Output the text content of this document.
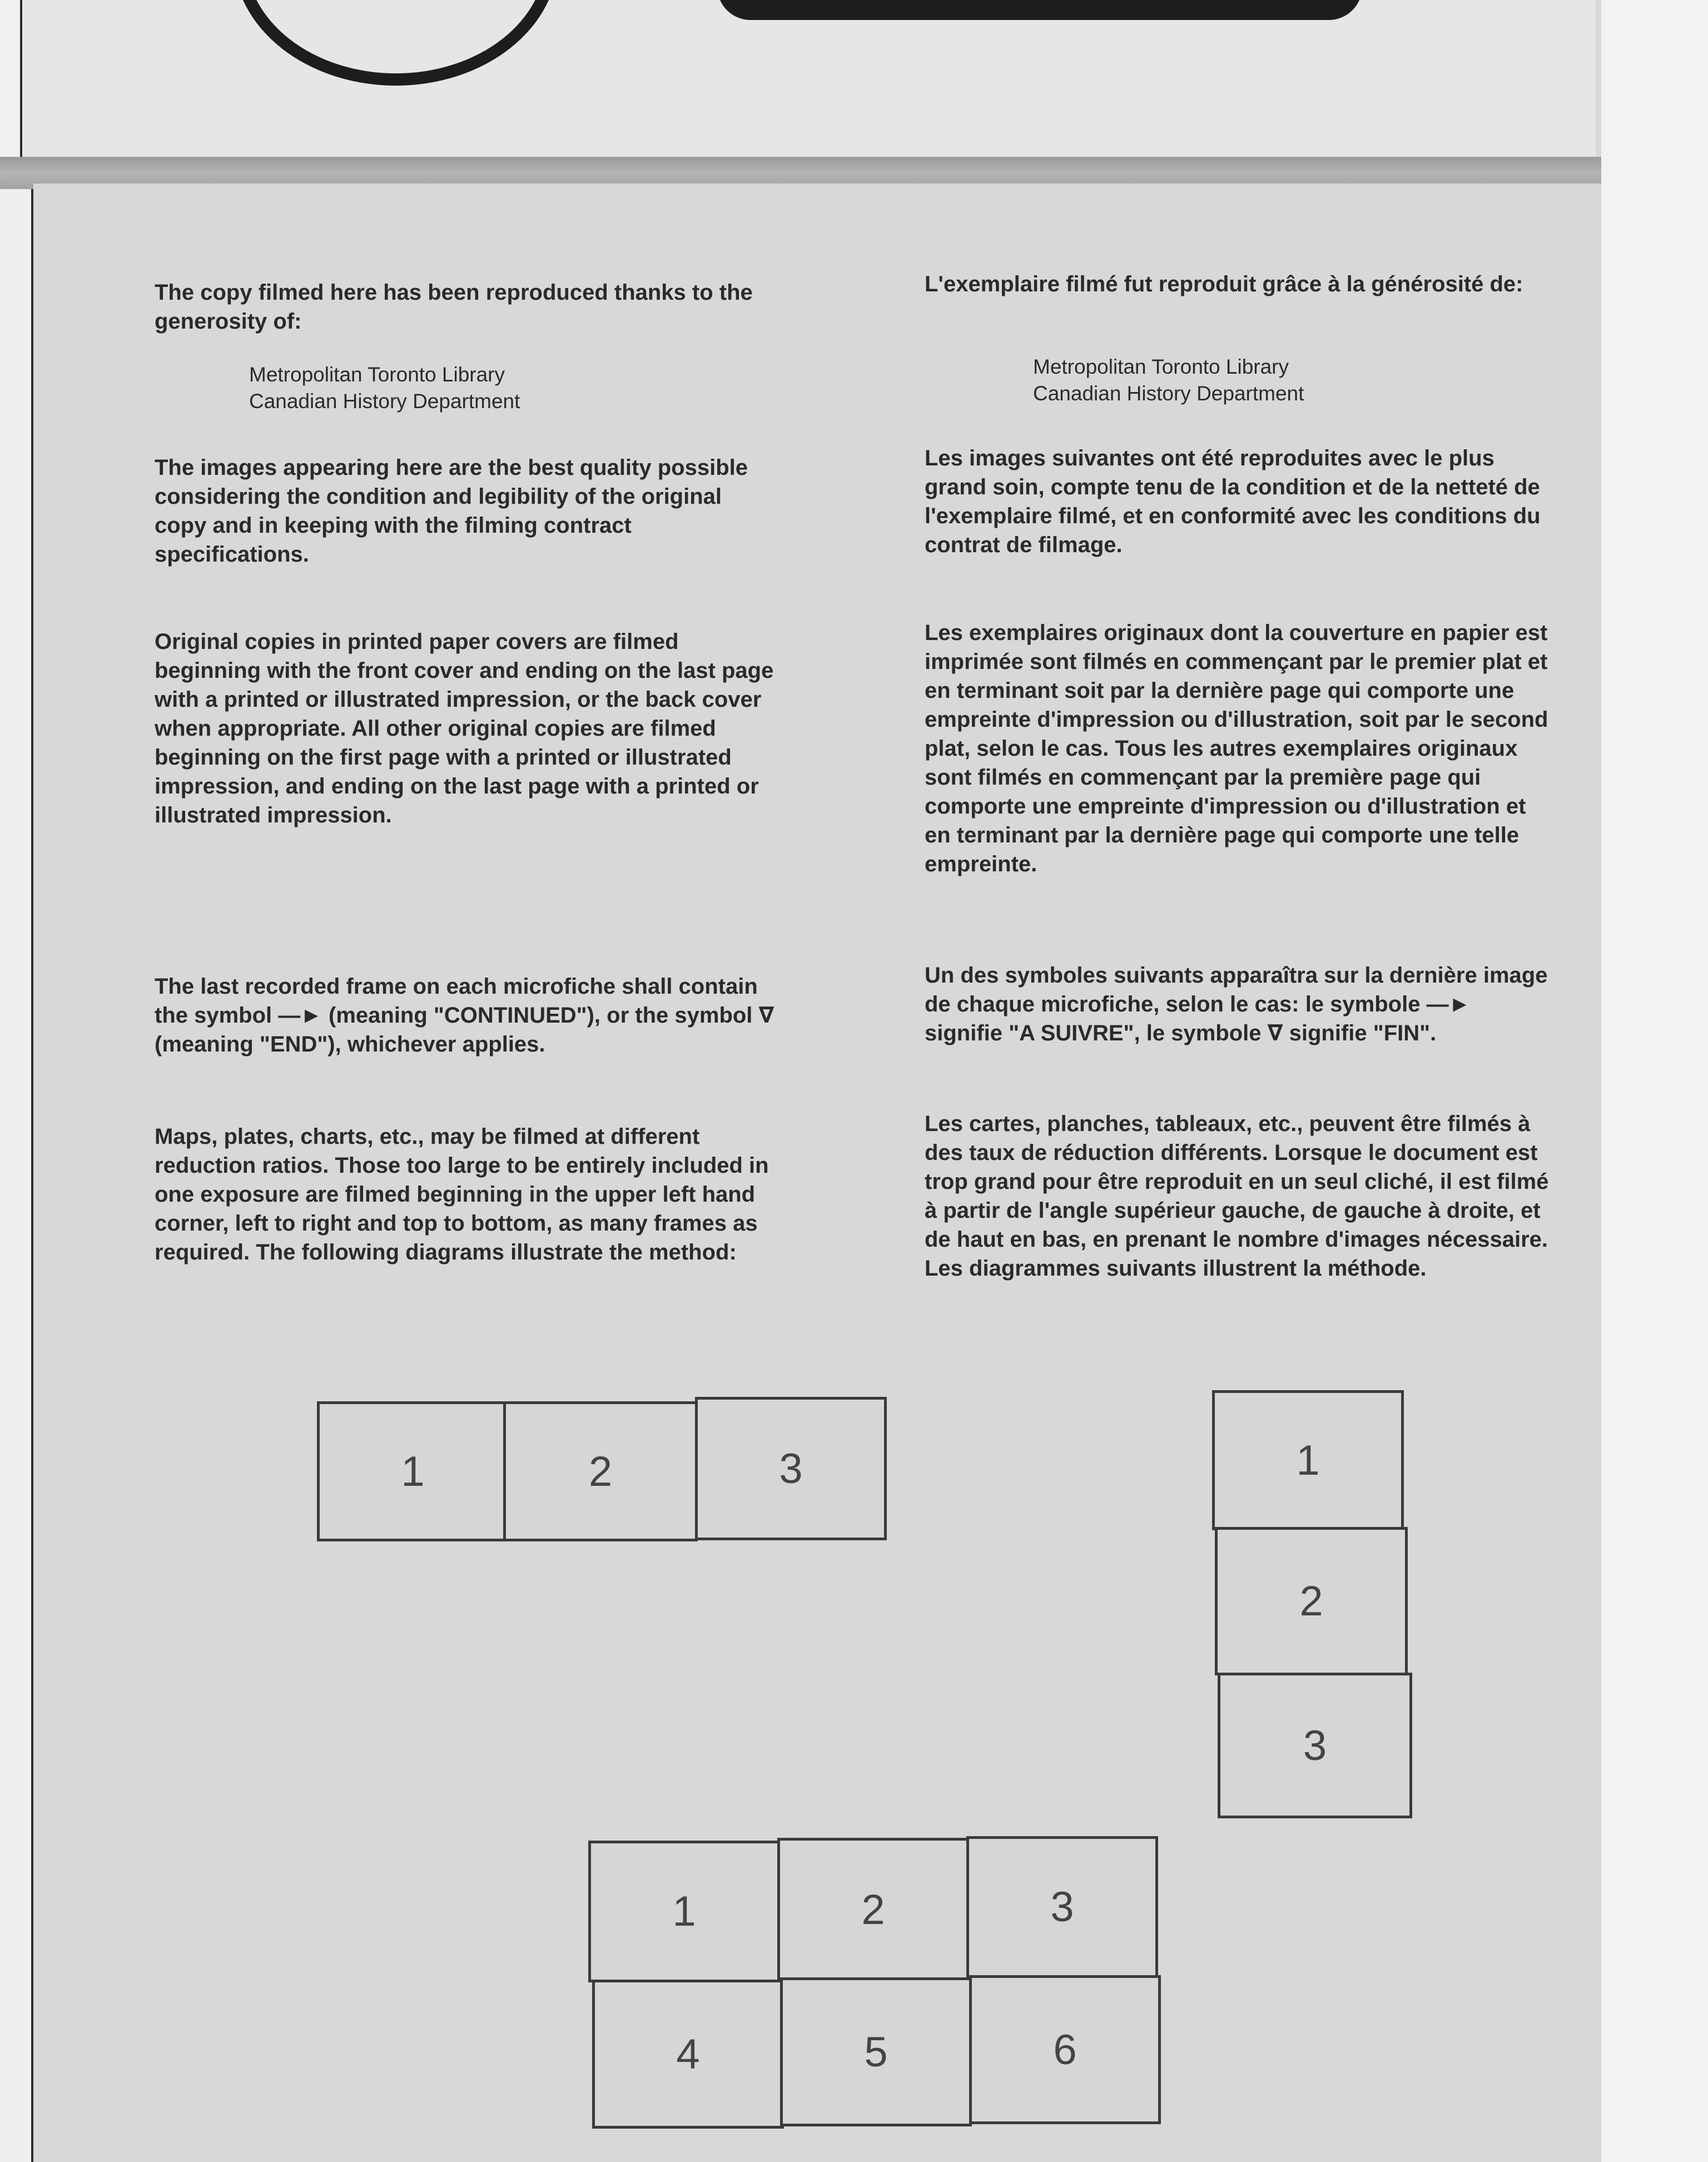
The copy filmed here has been reproduced thanks to the generosity of:

Metropolitan Toronto Library

Canadian History Department

The images appearing here are the best quality possible considering the condition and legibility of the original copy and in keeping with the filming contract specifications.

Original copies in printed paper covers are filmed beginning with the front cover and ending on the last page with a printed or illustrated impression, or the back cover when appropriate. All other original copies are filmed beginning on the first page with a printed or illustrated impression, and ending on the last page with a printed or illustrated impression.

The last recorded frame on each microfiche shall contain the symbol —► (meaning "CONTINUED"), or the symbol ∇ (meaning "END"), whichever applies.

Maps, plates, charts, etc., may be filmed at different reduction ratios. Those too large to be entirely included in one exposure are filmed beginning in the upper left hand corner, left to right and top to bottom, as many frames as required. The following diagrams illustrate the method:

L'exemplaire filmé fut reproduit grâce à la générosité de:

Metropolitan Toronto Library

Canadian History Department

Les images suivantes ont été reproduites avec le plus grand soin, compte tenu de la condition et de la netteté de l'exemplaire filmé, et en conformité avec les conditions du contrat de filmage.

Les exemplaires originaux dont la couverture en papier est imprimée sont filmés en commençant par le premier plat et en terminant soit par la dernière page qui comporte une empreinte d'impression ou d'illustration, soit par le second plat, selon le cas. Tous les autres exemplaires originaux sont filmés en commençant par la première page qui comporte une empreinte d'impression ou d'illustration et en terminant par la dernière page qui comporte une telle empreinte.

Un des symboles suivants apparaîtra sur la dernière image de chaque microfiche, selon le cas: le symbole —► signifie "A SUIVRE", le symbole ∇ signifie "FIN".

Les cartes, planches, tableaux, etc., peuvent être filmés à des taux de réduction différents. Lorsque le document est trop grand pour être reproduit en un seul cliché, il est filmé à partir de l'angle supérieur gauche, de gauche à droite, et de haut en bas, en prenant le nombre d'images nécessaire. Les diagrammes suivants illustrent la méthode.

1	2	3	1
2
3
1	2	3
4	5	6
